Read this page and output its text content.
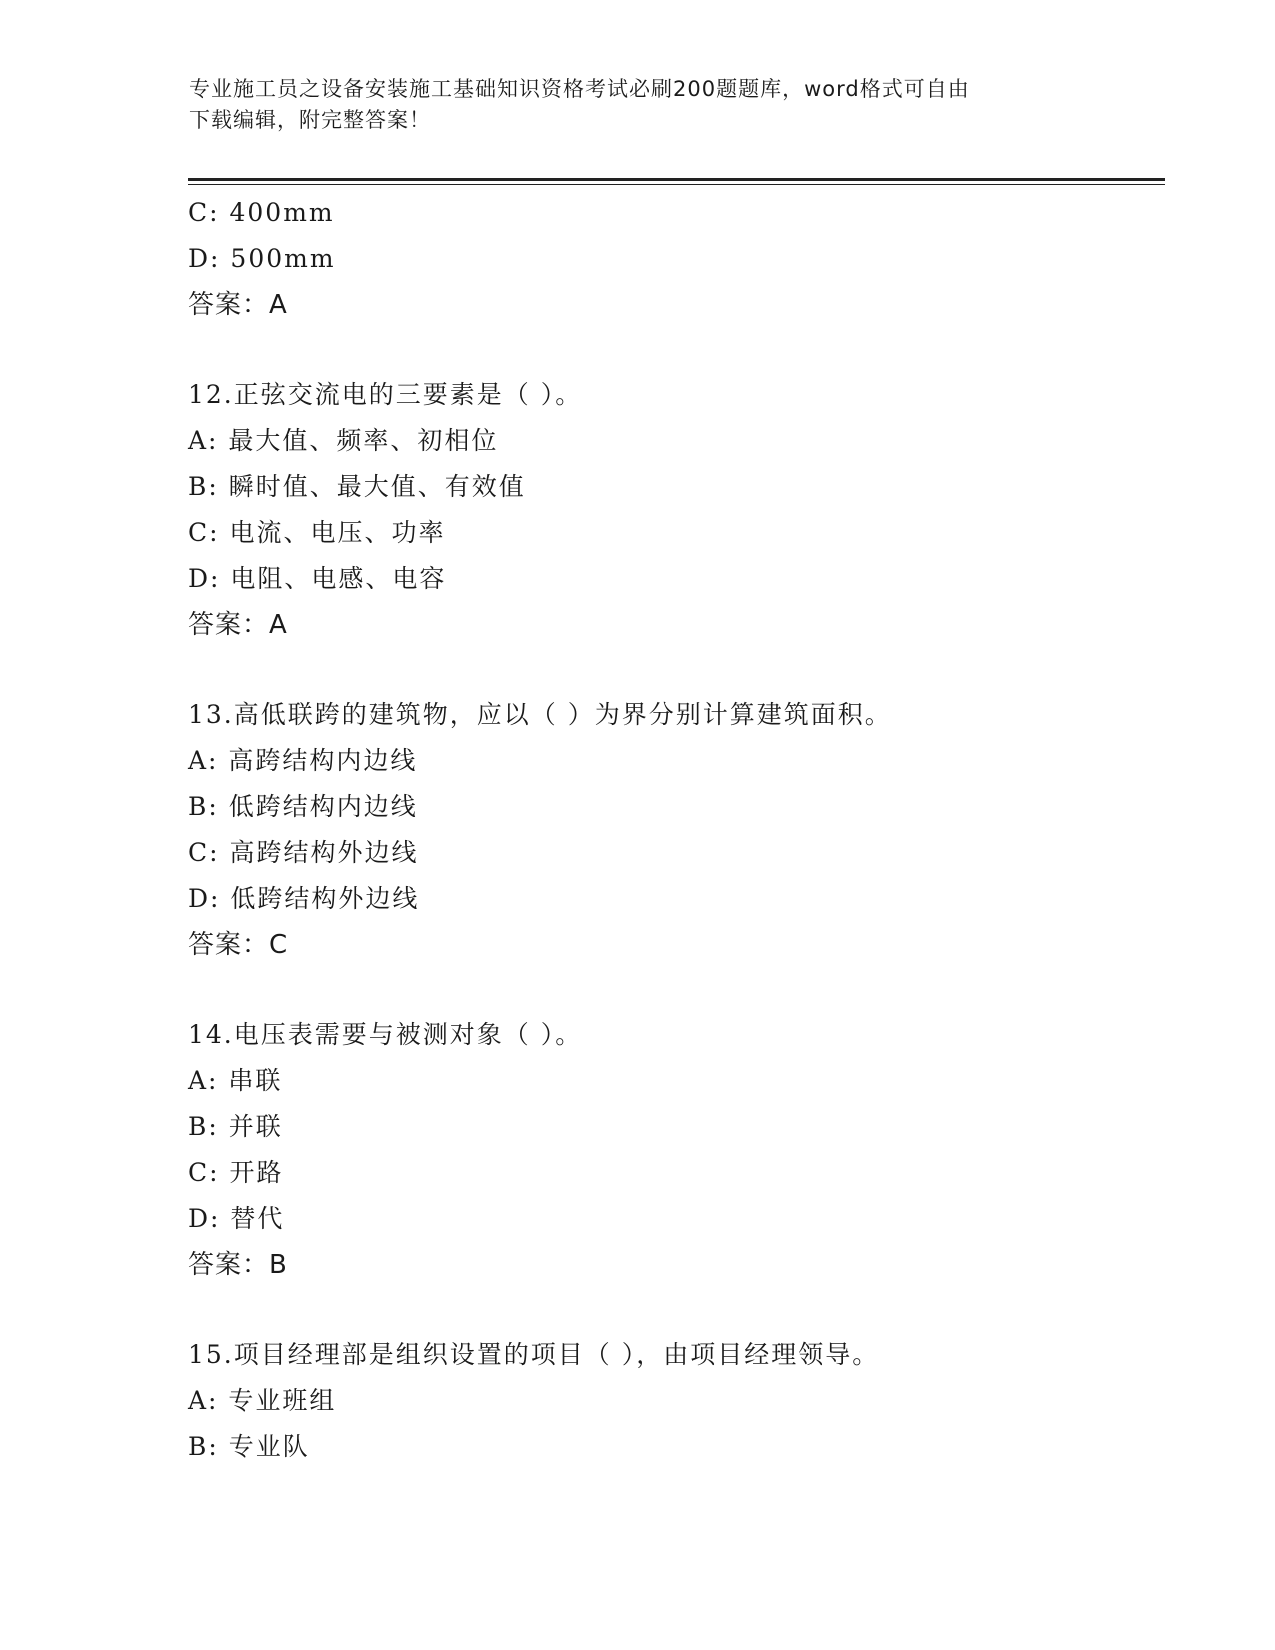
专业施工员之设备安装施工基础知识资格考试必刷200题题库，word格式可自由
下载编辑，附完整答案！
C: 400mm
D: 500mm
答案：A
12.正弦交流电的三要素是（ ）。
A: 最大值、频率、初相位
B: 瞬时值、最大值、有效值
C: 电流、电压、功率
D: 电阻、电感、电容
答案：A
13.高低联跨的建筑物，应以（ ）为界分别计算建筑面积。
A: 高跨结构内边线
B: 低跨结构内边线
C: 高跨结构外边线
D: 低跨结构外边线
答案：C
14.电压表需要与被测对象（ ）。
A: 串联
B: 并联
C: 开路
D: 替代
答案：B
15.项目经理部是组织设置的项目（ ），由项目经理领导。
A: 专业班组
B: 专业队
